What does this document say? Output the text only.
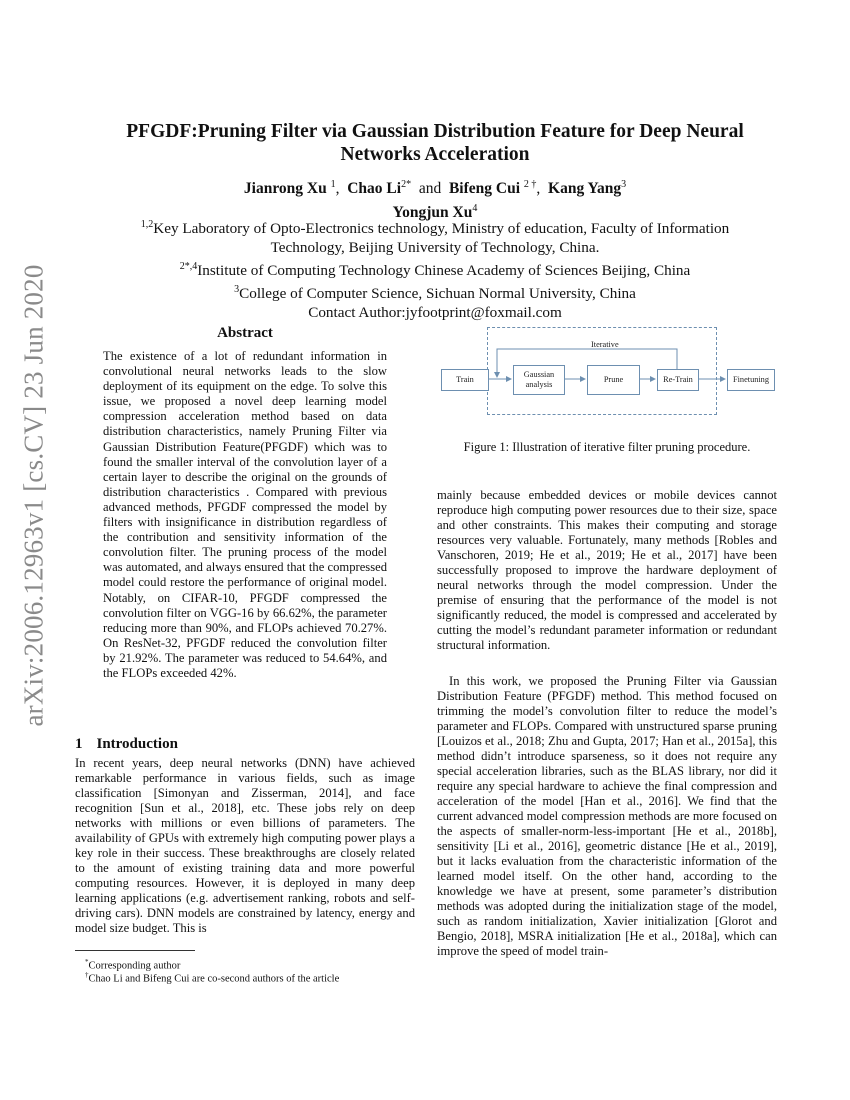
arXiv:2006.12963v1 [cs.CV] 23 Jun 2020
PFGDF:Pruning Filter via Gaussian Distribution Feature for Deep Neural
Networks Acceleration
Jianrong Xu $^1$,  Chao $Li^{2*}$ and Bifeng Cui $^{2 \dagger}$,  Kang Yang$^3$
Yongjun Xu$^4$
$^{1,2}$Key Laboratory of Opto-Electronics technology, Ministry of education, Faculty of Information
Technology, Beijing University of Technology, China.
$^{2*,4}$Institute of Computing Technology Chinese Academy of Sciences Beijing, China
$^3$College of Computer Science, Sichuan Normal University, China
Contact Author:jyfootprint@foxmail.com
Abstract

The existence of a lot of redundant information in convolutional neural networks leads to the slow deployment of its equipment on the edge. To solve this issue, we proposed a novel deep learning model compression acceleration method based on data distribution characteristics, namely Pruning Filter via Gaussian Distribution Feature(PFGDF) which was to found the smaller interval of the convolution layer of a certain layer to describe the original on the grounds of distribution characteristics . Compared with previous advanced methods, PFGDF compressed the model by filters with insignificance in distribution regardless of the contribution and sensitivity information of the convolution filter. The pruning process of the model was automated, and always ensured that the compressed model could restore the performance of original model. Notably, on CIFAR-10, PFGDF compressed the convolution filter on VGG-16 by 66.62%, the parameter reducing more than 90%, and FLOPs achieved 70.27%. On ResNet-32, PFGDF reduced the convolution filter by 21.92%. The parameter was reduced to 54.64%, and the FLOPs exceeded 42%.

1 Introduction

In recent years, deep neural networks (DNN) have achieved remarkable performance in various fields, such as image classification [Simonyan and Zisserman, 2014], and face recognition [Sun et al., 2018], etc. These jobs rely on deep networks with millions or even billions of parameters. The availability of GPUs with extremely high computing power plays a key role in their success. These breakthroughs are closely related to the amount of existing training data and more powerful computing resources. However, it is deployed in many deep learning applications (e.g. advertisement ranking, robots and self-driving cars). DNN models are constrained by latency, energy and model size budget. This is

*Corresponding author
†Chao Li and Bifeng Cui are co-second authors of the article
Iterative
Train
Gaussian analysis
Prune	Re-Train	Finetuning
Figure 1: Illustration of iterative filter pruning procedure.

mainly because embedded devices or mobile devices cannot reproduce high computing power resources due to their size, space and other constraints. This makes their computing and storage resources very valuable. Fortunately, many methods [Robles and Vanschoren, 2019; He et al., 2019; He et al., 2017] have been successfully proposed to improve the hardware deployment of neural networks through the model compression. Under the premise of ensuring that the performance of the model is not significantly reduced, the model is compressed and accelerated by cutting the model’s redundant parameter information or redundant structural information.

In this work, we proposed the Pruning Filter via Gaussian Distribution Feature (PFGDF) method. This method focused on trimming the model’s convolution filter to reduce the model’s parameter and FLOPs. Compared with unstructured sparse pruning [Louizos et al., 2018; Zhu and Gupta, 2017; Han et al., 2015a], this method didn’t introduce sparseness, so it does not require any special acceleration libraries, such as the BLAS library, nor did it require any special hardware to achieve the final compression and acceleration of the model [Han et al., 2016]. We find that the current advanced model compression methods are more focused on the aspects of smaller-norm-less-important [He et al., 2018b], sensitivity [Li et al., 2016], geometric distance [He et al., 2019], but it lacks evaluation from the characteristic information of the learned model itself. On the other hand, according to the knowledge we have at present, some parameter’s distribution methods was adopted during the initialization stage of the model, such as random initialization, Xavier initialization [Glorot and Bengio, 2018], MSRA initialization [He et al., 2018a], which can improve the speed of model train-
